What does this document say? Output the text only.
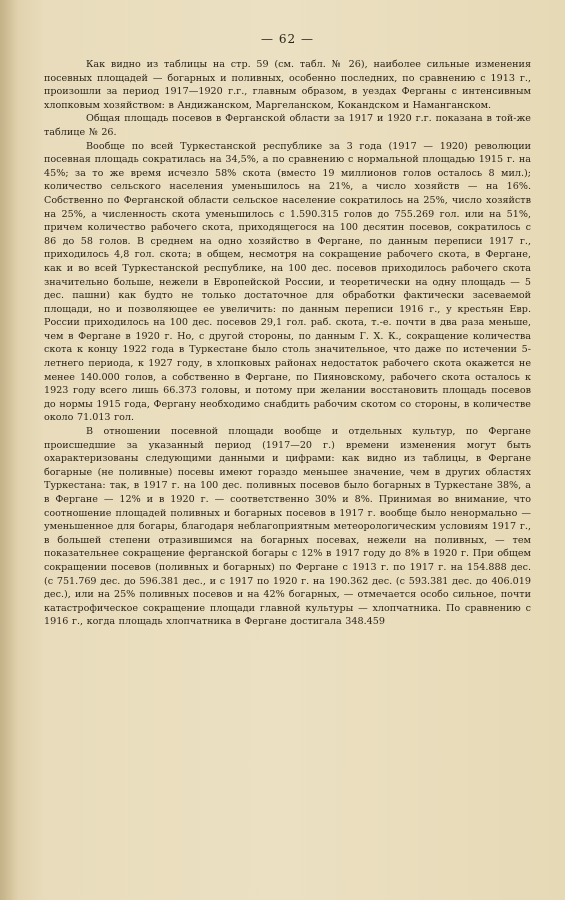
— 62 —

Как видно из таблицы на стр. 59 (см. табл. № 26), наиболее сильные изменения посевных площадей — богарных и поливных, особенно последних, по сравнению с 1913 г., произошли за период 1917—1920 г.г., главным образом, в уездах Ферганы с интенсивным хлопковым хозяйством: в Андижанском, Маргеланском, Кокандском и Наманганском.

Общая площадь посевов в Ферганской области за 1917 и 1920 г.г. показана в той-же таблице № 26.

Вообще по всей Туркестанской республике за 3 года (1917 — 1920) революции посевная площадь сократилась на 34,5%, а по сравнению с нормальной площадью 1915 г. на 45%; за то же время исчезло 58% скота (вместо 19 миллионов голов осталось 8 мил.); количество сельского населения уменьшилось на 21%, а число хозяйств — на 16%. Собственно по Ферганской области сельское население сократилось на 25%, число хозяйств на 25%, а численность скота уменьшилось с 1.590.315 голов до 755.269 гол. или на 51%, причем количество рабочего скота, приходящегося на 100 десятин посевов, сократилось с 86 до 58 голов. В среднем на одно хозяйство в Фергане, по данным переписи 1917 г., приходилось 4,8 гол. скота; в общем, несмотря на сокращение рабочего скота, в Фергане, как и во всей Туркестанской республике, на 100 дес. посевов приходилось рабочего скота значительно больше, нежели в Европейской России, и теоретически на одну площадь — 5 дес. пашни) как будто не только достаточное для обработки фактически засеваемой площади, но и позволяющее ее увеличить: по данным переписи 1916 г., у крестьян Евр. России приходилось на 100 дес. посевов 29,1 гол. раб. скота, т.-е. почти в два раза меньше, чем в Фергане в 1920 г. Но, с другой стороны, по данным Г. Х. К., сокращение количества скота к концу 1922 года в Туркестане было столь значительное, что даже по истечении 5-летнего периода, к 1927 году, в хлопковых районах недостаток рабочего скота окажется не менее 140.000 голов, а собственно в Фергане, по Пияновскому, рабочего скота осталось к 1923 году всего лишь 66.373 головы, и потому при желании восстановить площадь посевов до нормы 1915 года, Фергану необходимо снабдить рабочим скотом со стороны, в количестве около 71.013 гол.

В отношении посевной площади вообще и отдельных культур, по Фергане происшедшие за указанный период (1917—20 г.) времени изменения могут быть охарактеризованы следующими данными и цифрами: как видно из таблицы, в Фергане богарные (не поливные) посевы имеют гораздо меньшее значение, чем в других областях Туркестана: так, в 1917 г. на 100 дес. поливных посевов было богарных в Туркестане 38%, а в Фергане — 12% и в 1920 г. — соответственно 30% и 8%. Принимая во внимание, что соотношение площадей поливных и богарных посевов в 1917 г. вообще было ненормально — уменьшенное для богары, благодаря неблагоприятным метеорологическим условиям 1917 г., в большей степени отразившимся на богарных посевах, нежели на поливных, — тем показательнее сокращение ферганской богары с 12% в 1917 году до 8% в 1920 г. При общем сокращении посевов (поливных и богарных) по Фергане с 1913 г. по 1917 г. на 154.888 дес. (с 751.769 дес. до 596.381 дес., и с 1917 по 1920 г. на 190.362 дес. (с 593.381 дес. до 406.019 дес.), или на 25% поливных посевов и на 42% богарных, — отмечается особо сильное, почти катастрофическое сокращение площади главной культуры — хлопчатника. По сравнению с 1916 г., когда площадь хлопчатника в Фергане достигала 348.459
